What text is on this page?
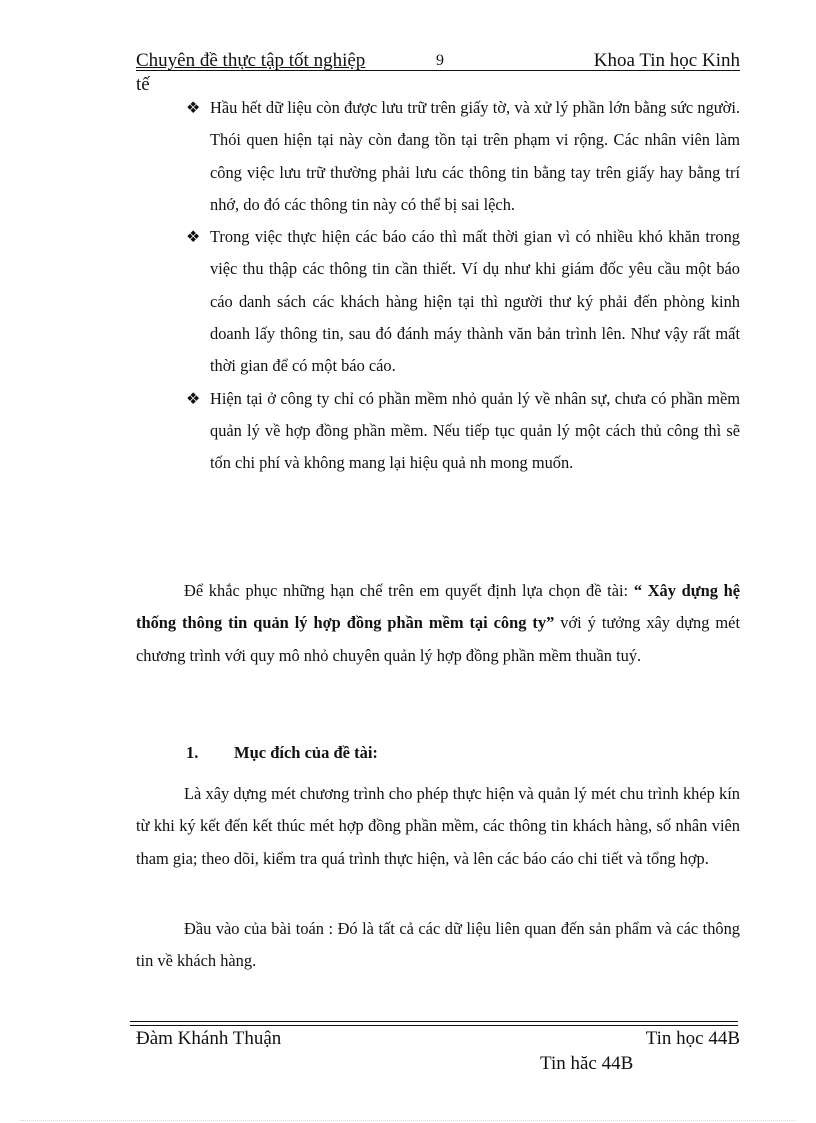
Chuyên đề thực tập tốt nghiệp	9	Khoa Tin học Kinh
tế
❖ Hầu hết dữ liệu còn được lưu trữ trên giấy tờ, và xử lý phần lớn bằng sức người. Thói quen hiện tại này còn đang tồn tại trên phạm vi rộng. Các nhân viên làm công việc lưu trữ thường phải lưu các thông tin bằng tay trên giấy hay bằng trí nhớ, do đó các thông tin này có thể bị sai lệch.
❖ Trong việc thực hiện các báo cáo thì mất thời gian vì có nhiều khó khăn trong việc thu thập các thông tin cần thiết. Ví dụ như khi giám đốc yêu cầu một báo cáo danh sách các khách hàng hiện tại thì người thư ký phải đến phòng kinh doanh lấy thông tin, sau đó đánh máy thành văn bản trình lên. Như vậy rất mất thời gian để có một báo cáo.
❖ Hiện tại ở công ty chỉ có phần mềm nhỏ quản lý về nhân sự, chưa có phần mềm quản lý về hợp đồng phần mềm. Nếu tiếp tục quản lý một cách thủ công thì sẽ tốn chi phí và không mang lại hiệu quả nh mong muốn.
Để khắc phục những hạn chế trên em quyết định lựa chọn đề tài: “ Xây dựng hệ thống thông tin quản lý hợp đồng phần mềm tại công ty” với ý tưởng xây dựng mét chương trình với quy mô nhỏ chuyên quản lý hợp đồng phần mềm thuần tuý.
1. Mục đích của đề tài:
Là xây dựng mét chương trình cho phép thực hiện và quản lý mét chu trình khép kín từ khi ký kết đến kết thúc mét hợp đồng phần mềm, các thông tin khách hàng, số nhân viên tham gia; theo dõi, kiểm tra quá trình thực hiện, và lên các báo cáo chi tiết và tổng hợp.
Đầu vào của bài toán : Đó là tất cả các dữ liệu liên quan đến sản phẩm và các thông tin về khách hàng.
Đàm Khánh Thuận	Tin học 44B
Tin hăc 44B
